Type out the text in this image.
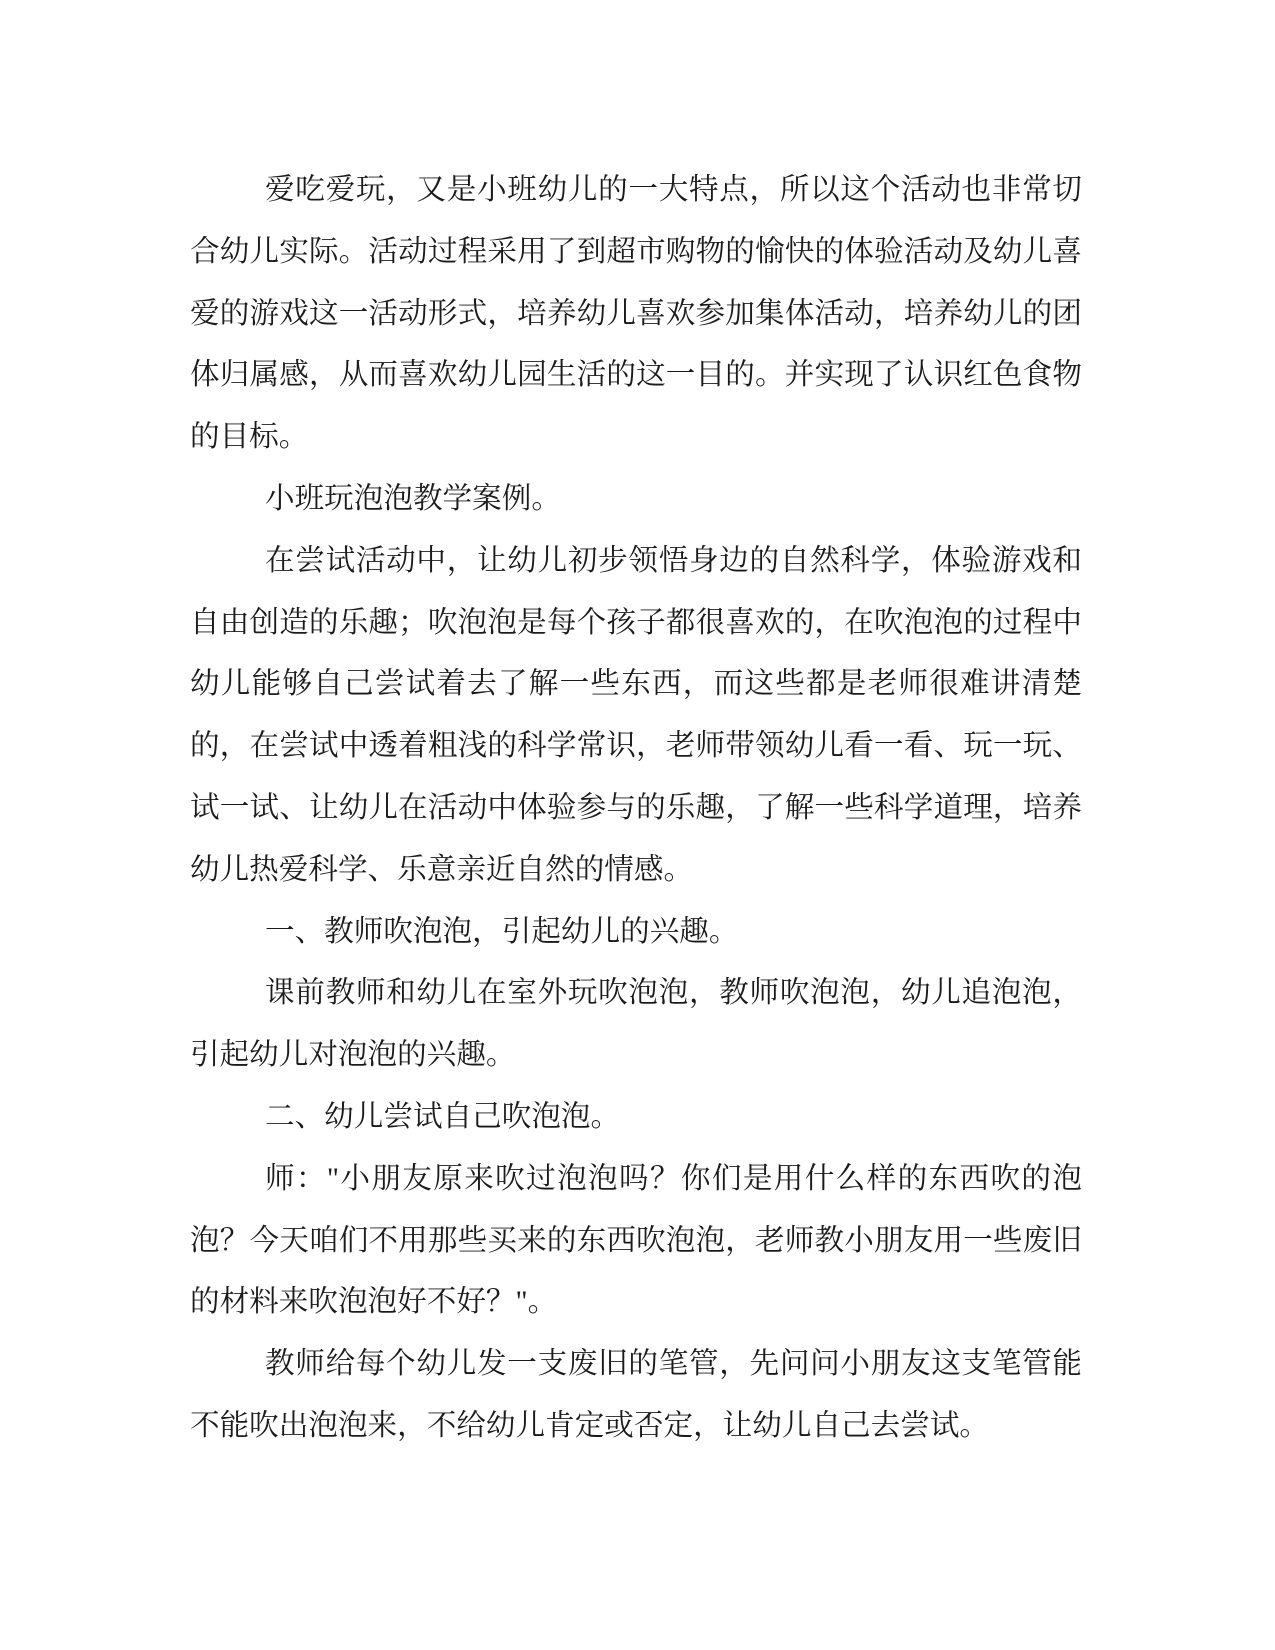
爱吃爱玩，又是小班幼儿的一大特点，所以这个活动也非常切合幼儿实际。活动过程采用了到超市购物的愉快的体验活动及幼儿喜爱的游戏这一活动形式，培养幼儿喜欢参加集体活动，培养幼儿的团体归属感，从而喜欢幼儿园生活的这一目的。并实现了认识红色食物的目标。

小班玩泡泡教学案例。

在尝试活动中，让幼儿初步领悟身边的自然科学，体验游戏和自由创造的乐趣；吹泡泡是每个孩子都很喜欢的，在吹泡泡的过程中幼儿能够自己尝试着去了解一些东西，而这些都是老师很难讲清楚的，在尝试中透着粗浅的科学常识，老师带领幼儿看一看、玩一玩、试一试、让幼儿在活动中体验参与的乐趣，了解一些科学道理，培养幼儿热爱科学、乐意亲近自然的情感。

一、教师吹泡泡，引起幼儿的兴趣。

课前教师和幼儿在室外玩吹泡泡，教师吹泡泡，幼儿追泡泡，引起幼儿对泡泡的兴趣。

二、幼儿尝试自己吹泡泡。

师："小朋友原来吹过泡泡吗？你们是用什么样的东西吹的泡泡？今天咱们不用那些买来的东西吹泡泡，老师教小朋友用一些废旧的材料来吹泡泡好不好？"。

教师给每个幼儿发一支废旧的笔管，先问问小朋友这支笔管能不能吹出泡泡来，不给幼儿肯定或否定，让幼儿自己去尝试。
